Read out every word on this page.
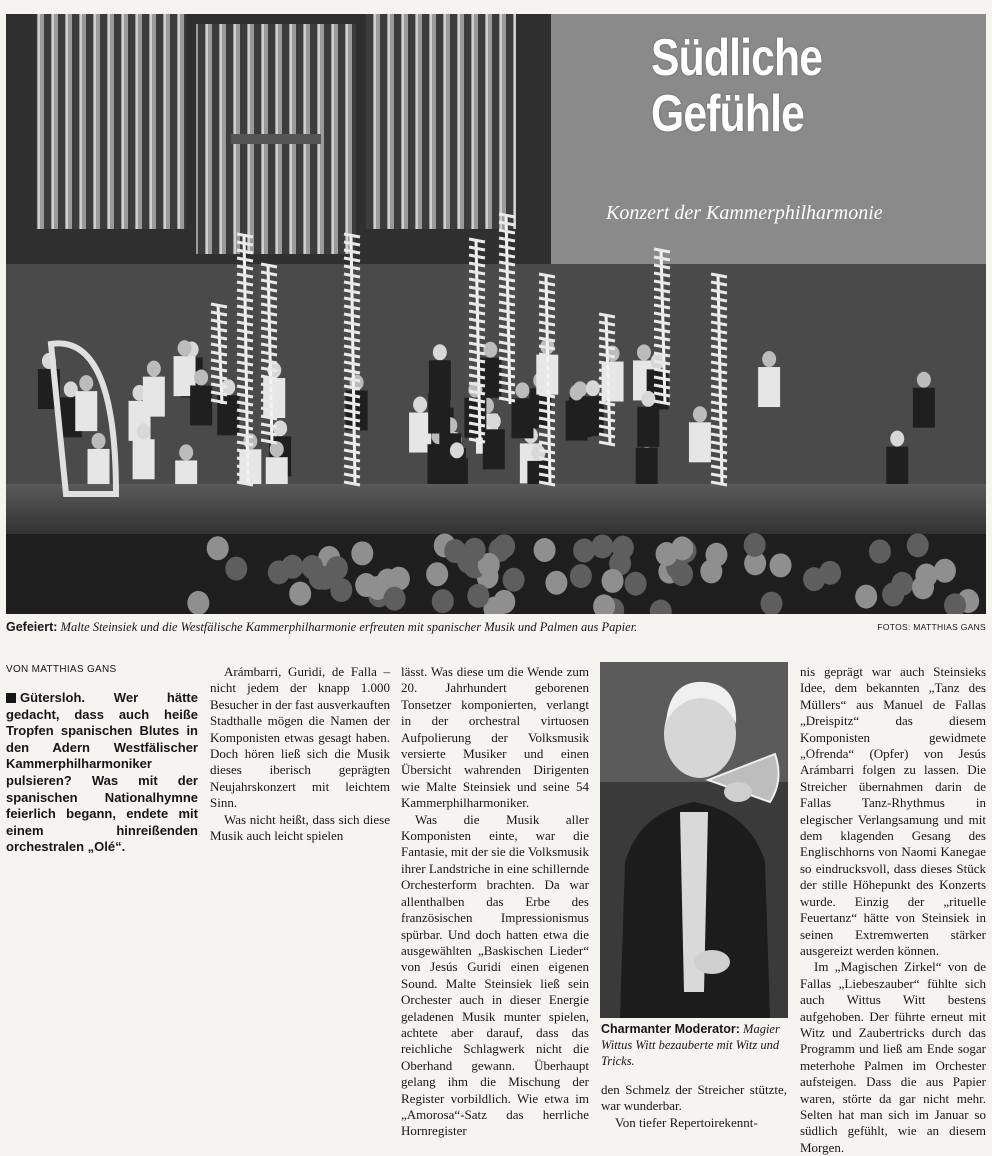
Südliche
Gefühle
Konzert der Kammerphilharmonie
Gefeiert: Malte Steinsiek und die Westfälische Kammerphilharmonie erfreuten mit spanischer Musik und Palmen aus Papier.	FOTOS: MATTHIAS GANS
VON MATTHIAS GANS
Gütersloh. Wer hätte gedacht, dass auch heiße Tropfen spanischen Blutes in den Adern Westfälischer Kammerphilharmoniker pulsieren? Was mit der spanischen Nationalhymne feierlich begann, endete mit einem hinreißenden orchestralen „Olé“.

Arámbarri, Guridi, de Falla – nicht jedem der knapp 1.000 Besucher in der fast ausverkauften Stadthalle mögen die Namen der Komponisten etwas gesagt haben. Doch hören ließ sich die Musik dieses iberisch geprägten Neujahrskonzert mit leichtem Sinn.

Was nicht heißt, dass sich diese Musik auch leicht spielen

lässt. Was diese um die Wende zum 20. Jahrhundert geborenen Tonsetzer komponierten, verlangt in der orchestral virtuosen Aufpolierung der Volksmusik versierte Musiker und einen Übersicht wahrenden Dirigenten wie Malte Steinsiek und seine 54 Kammerphilharmoniker.

Was die Musik aller Komponisten einte, war die Fantasie, mit der sie die Volksmusik ihrer Landstriche in eine schillernde Orchesterform brachten. Da war allenthalben das Erbe des französischen Impressionismus spürbar. Und doch hatten etwa die ausgewählten „Baskischen Lieder“ von Jesús Guridi einen eigenen Sound. Malte Steinsiek ließ sein Orchester auch in dieser Energie geladenen Musik munter spielen, achtete aber darauf, dass das reichliche Schlagwerk nicht die Oberhand gewann. Überhaupt gelang ihm die Mischung der Register vorbildlich. Wie etwa im „Amorosa“-Satz das herrliche Hornregister

Charmanter Moderator: Magier Wittus Witt bezauberte mit Witz und Tricks.

den Schmelz der Streicher stützte, war wunderbar.

Von tiefer Repertoirekennt-

nis geprägt war auch Steinsieks Idee, dem bekannten „Tanz des Müllers“ aus Manuel de Fallas „Dreispitz“ das diesem Komponisten gewidmete „Ofrenda“ (Opfer) von Jesús Arámbarri folgen zu lassen. Die Streicher übernahmen darin de Fallas Tanz-Rhythmus in elegischer Verlangsamung und mit dem klagenden Gesang des Englischhorns von Naomi Kanegae so eindrucksvoll, dass dieses Stück der stille Höhepunkt des Konzerts wurde. Einzig der „rituelle Feuertanz“ hätte von Steinsiek in seinen Extremwerten stärker ausgereizt werden können.

Im „Magischen Zirkel“ von de Fallas „Liebeszauber“ fühlte sich auch Wittus Witt bestens aufgehoben. Der führte erneut mit Witz und Zaubertricks durch das Programm und ließ am Ende sogar meterhohe Palmen im Orchester aufsteigen. Dass die aus Papier waren, störte da gar nicht mehr. Selten hat man sich im Januar so südlich gefühlt, wie an diesem Morgen.
